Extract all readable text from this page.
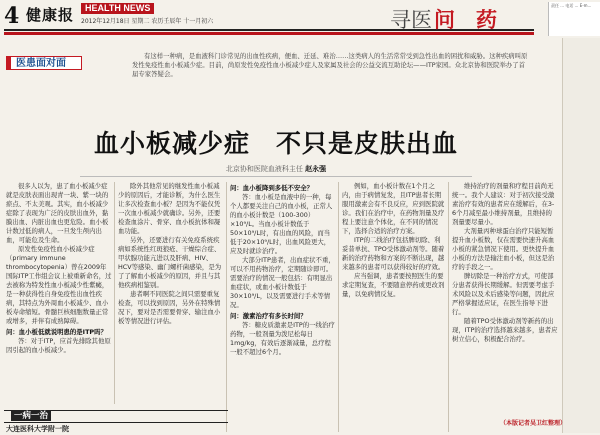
4 健康报	HEALTH NEWS
2012年12月18日 星期二 农历壬辰年 十一月初六	寻医 问 药
责任 ... 电话 ... E-m...
医患面对面
有这样一种病，是血液科门诊常见的出血性疾病，便血、迁延、难治……这类病人的生活常常受到急性出血的困扰和威胁。这种疾病叫原发性免疫性血小板减少症。目前，尚原发性免疫性血小板减少症人及家属及社会的公益交流互助论坛——ITP家园。众北京协和医院举办了首届专家答疑会。
血小板减少症　不只是皮肤出血
北京协和医院血液科主任 赵永强

很多人以为，患了血小板减少症就是皮肤表面出现青一块、紫一块的瘀点、不太美观。其实，血小板减少症除了表现为广泛的皮肤出血外，黏膜出血、内脏出血也更危险。血小板计数过低的病人，一旦发生颅内出血，可能危及生命。

原发性免疫性血小板减少症（primary immune thrombocytopenia）曾在2009年国际ITP工作组会议上被重新命名，过去被称为特发性血小板减少性紫癜，是一种获得性自身免疫性出血性疾病，其特点为外周血小板减少、血小板寿命缩短。骨髓巨核细胞数量正常或增多，并伴有成熟障碍。

问：血小板低就说明患的是ITP吗？

答：对于ITP，应首先排除其他原因引起的血小板减少。

除外其他常见的继发性血小板减少的原因后，才能诊断，为什么医生让多次检查血小板？是因为不能仅凭一次血小板减少就确诊。另外，还要检查血涂片、骨穿、血小板抗体和凝血功能。

另外，还要进行有关免疫系统疾病如系统性红斑狼疮、干燥综合症、甲状腺功能亢进以及肝病、HIV、HCV等感染、幽门螺杆菌感染，是为了了解血小板减少的原因，并且与其他疾病相鉴别。

患者啊不同医院之间只需要重复检查，可以找到原因，另外在特殊情况下，要对是否需要骨穿、输注血小板等情况进行评估。

问：血小板降到多低不安全？

答：血小板是血液中的一种，每个人都要关注自己的血小板，正常人的血小板计数是（100-300）×10⁹/L。当血小板计数低于50×10⁹/L时，有出血的风险，而当低于20×10⁹/L时，出血风险更大，应及时就诊治疗。

大部分ITP患者，出血症状不重，可以不用药物治疗，定期随诊即可。需要治疗的情况一般包括：有明显出血症状，或血小板计数低于30×10⁹/L，以及需要进行手术等情况。

问：激素治疗有多长时间？

答：糖皮质激素是ITP的一线治疗药物，一般剂量为泼尼松每日1mg/kg，有效后逐渐减量，总疗程一般不超过6个月。

例如，血小板计数在1个月之内，由于病情复发，且ITP患者长期服用激素会有不良反应，应到医院就诊。我们在治疗中，在药物剂量及疗程上要注意个体化，在不同的情况下，选择合适的治疗方案。

ITP的二线治疗包括脾切除、利妥昔单抗、TPO受体激动剂等。随着新的治疗药物和方案的不断出现，越来越多的患者可以获得较好的疗效。

应当强调，患者要按照医生的要求定期复查，不要随意停药或更改剂量，以免病情反复。

维持治疗的剂量和疗程目前尚无统一。我个人建议：对于初次接受激素治疗有效的患者应在缓解后，在3-6个月减至最小维持剂量，且维持的剂量要尽量小。

大剂量丙种球蛋白治疗只能短暂提升血小板数，仅在需要快速升高血小板的紧急情况下使用。更快提升血小板的方法是输注血小板，但这是治疗的手段之一。

脾切除是一种治疗方式，可使部分患者获得长期缓解。但需要考虑手术风险以及术后感染等问题，因此应严格掌握适应证，在医生指导下进行。

随着TPO受体激动剂等新药的出现，ITP的治疗选择越来越多，患者应树立信心，积极配合治疗。

一病一治
大连医科大学附一院
（本版记者吴卫红整理）
